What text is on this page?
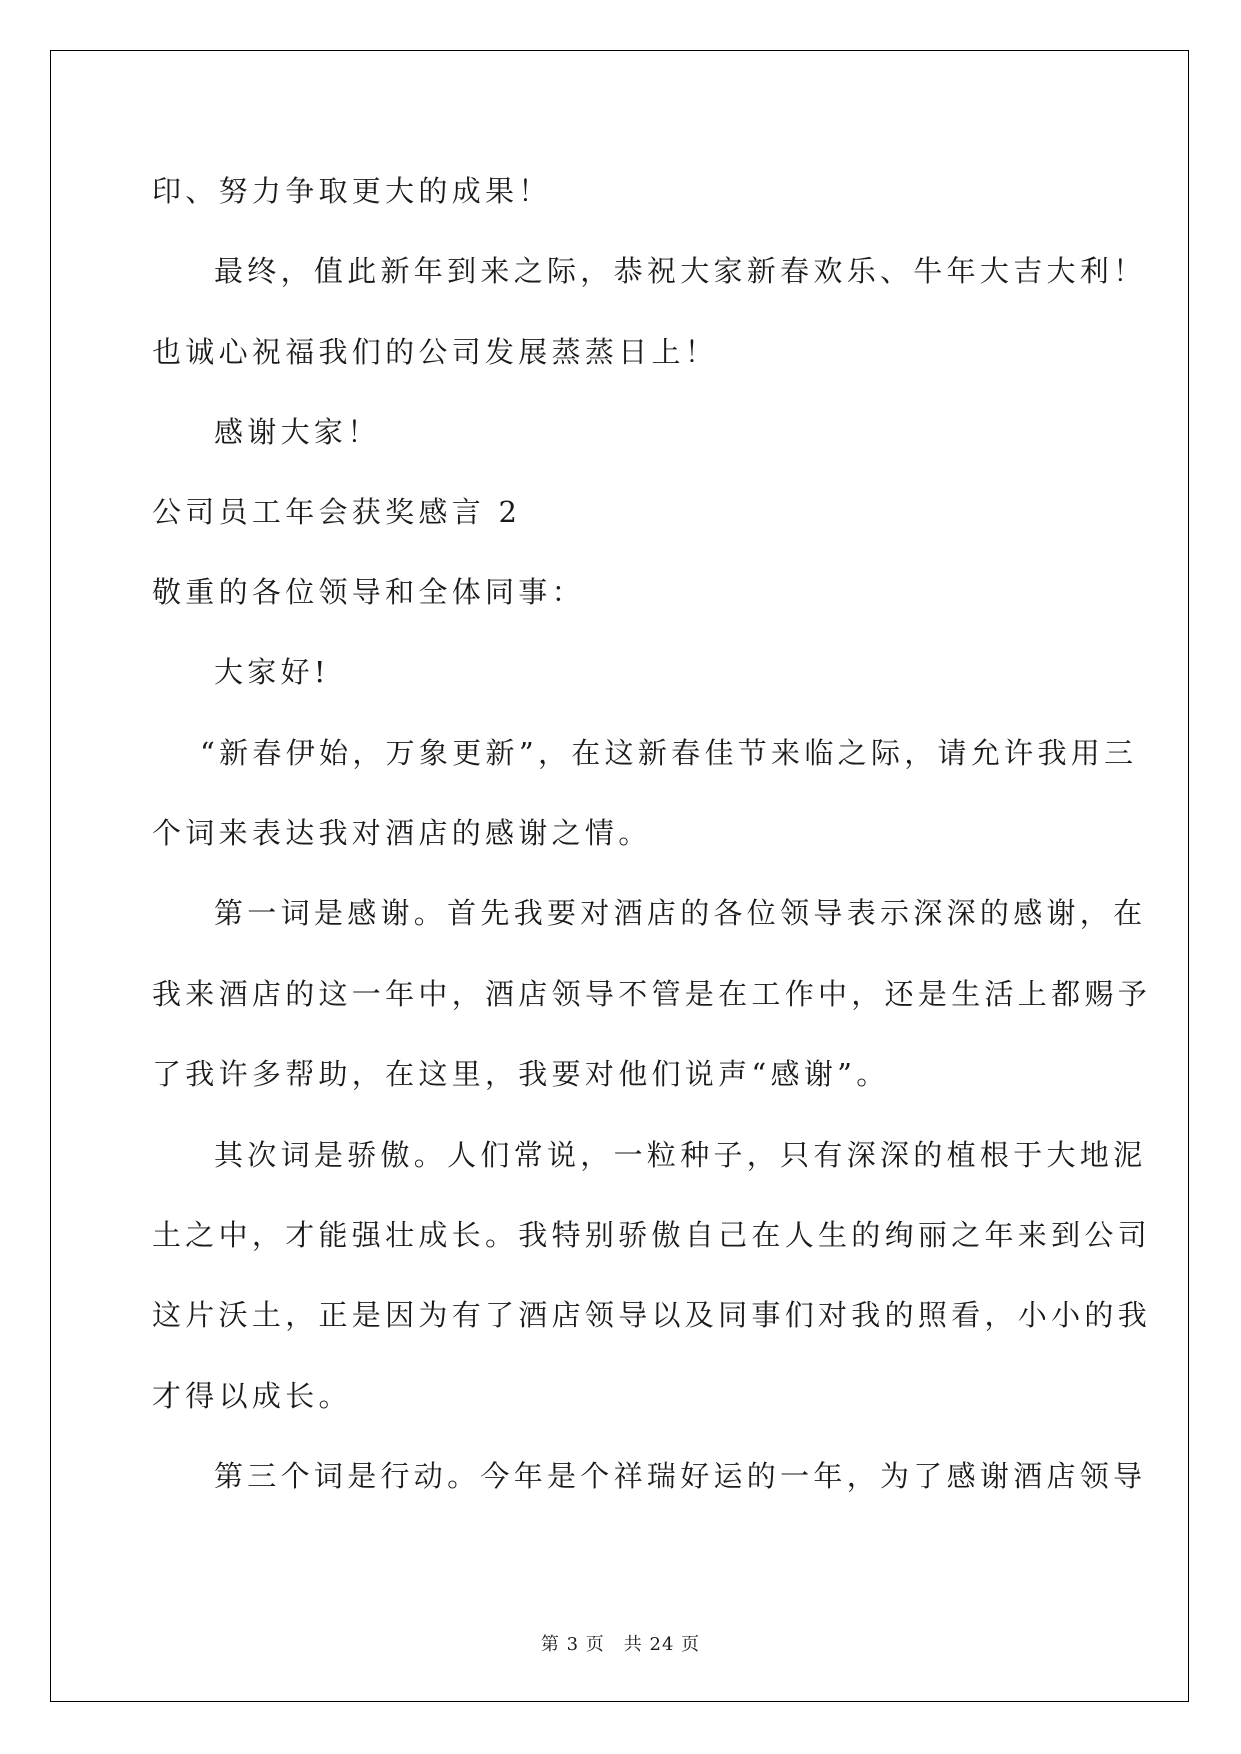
印、努力争取更大的成果！
最终，值此新年到来之际，恭祝大家新春欢乐、牛年大吉大利！
也诚心祝福我们的公司发展蒸蒸日上！
感谢大家！
公司员工年会获奖感言 2
敬重的各位领导和全体同事：
大家好!
“新春伊始，万象更新”，在这新春佳节来临之际，请允许我用三
个词来表达我对酒店的感谢之情。
第一词是感谢。首先我要对酒店的各位领导表示深深的感谢，在
我来酒店的这一年中，酒店领导不管是在工作中，还是生活上都赐予
了我许多帮助，在这里，我要对他们说声“感谢”。
其次词是骄傲。人们常说，一粒种子，只有深深的植根于大地泥
土之中，才能强壮成长。我特别骄傲自己在人生的绚丽之年来到公司
这片沃土，正是因为有了酒店领导以及同事们对我的照看，小小的我
才得以成长。
第三个词是行动。今年是个祥瑞好运的一年，为了感谢酒店领导
第 3 页　共 24 页
